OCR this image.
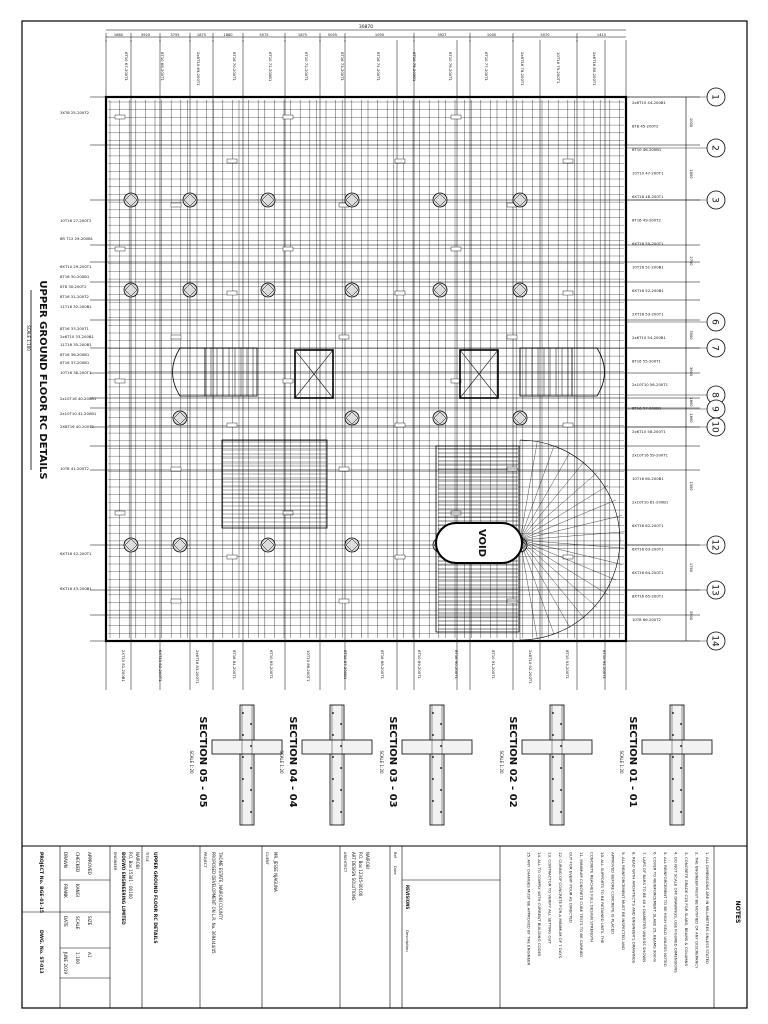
VOID
30870
1880	3920	3755	1875	1880	5075	1875	5055	1050	3927	1040	5070	1415
6T10 67-200T1	8T10 68-200T1	2x8T10 69-200T1	8T16 70-200T1	6T10 71-200B1	6T10 72-200T1	8T16 73-200T1	8T16 74-200T1	6T10 75-200B1	8T10 76-200T1	6T10 77-200T1	2x8T16 78-200T1	10T16 79-200T1	2x6T16 80-200T1
2XT10 81-200B1	6XT10 82-200T1	2x6T16 83-200T1	8T16 84-200T1	6T10 85-200T1	10T10 86-200T1	8T10 87-200B1	8T16 88-200T1	6T10 89-200T1	8T16 90-200T1	8T10 91-200T1	2x8T10 92-200T1	8T10 93-200T1	6T10 94-200T1
3XT8 25-200T2
10T16 27-200T2
6R T12 29-200B1
6XT10 29-200T1
8T16 30-200B1
8T8 30-200T2
8T16 31-200T2
11T16 32-200B1
8T16 33-200T1
2x6T10 33-200B1
11T16 35-200B1
8T16 36-200B1
6T16 37-200B1
10T16 38-200T1
2x10T16 40-200B1
2x10T10 41-200B1
2X8T16 40-200T2
10T8 41-200T2
6XT16 42-200T1
6XT16 43-200B1
2x6T10 44-200B1
8T8 45-200T2
6T10 46-200B1
10T10 47-200T1
6XT16 48-200T1
8T16 49-200T2
6XT16 50-200T1
10T16 51-200B1
6XT16 52-200B1
2XT16 53-200T1
2x6T10 54-200B1
8T16 55-200T1
2x10T10 56-200T1
8T16 57-200B1
2x6T10 58-200T1
2x10T16 59-200T1
10T16 60-200B1
2x10T10 61-200B1
6XT16 62-200T1
6XT16 63-200T1
6XT16 64-200T1
8XT16 65-200T1
10T8 66-200T2
1
2
3
6
7
8
9
10
12
13
14
1000
1800
2700
3500
3600
1800
1800
1300
1760
3500
UPPER GROUND FLOOR RC DETAILS
SCALE 1:100
SECTION 05 - 05
SCALE 1:20	SECTION 04 - 04
SCALE 1:20	SECTION 03 - 03
SCALE 1:20	SECTION 02 - 02
SCALE 1:20	SECTION 01 - 01
SCALE 1:20
PROJECT No. BGE-01-15
DWG. No. ST-013
DRAWN
FRANK
DATE
JUNE 2019
CHECKED
KANGI
SCALE
1:100
APPROVED
SIZE
A1
ENGINEER BOGWO ENGINEERING LIMITED P.O. Box 15381 - 00100 NAIROBI TITLE UPPER GROUND FLOOR RC DETAILS	PROJECT PROPOSED DEVELOPMENT ON L.R. No. 3694/44/45 THOME ESTATE, NAIROBI COUNTY	CLIENT MR. JESSE NJAGUNA	ARCHITECT ART DESIGN SOLUTIONS P.O. Box 12345-00100 NAIROBI	Ref
Date
REVISIONS
Description
NOTES
1. ALL DIMENSIONS ARE IN MILLIMETRES UNLESS STATED
2. THE ENGINEER MUST BE NOTIFIED OF ANY DISCREPANCY
3. CONCRETE GRADE C25 FOR SLABS, BEAMS & COLUMNS
4. DO NOT SCALE OFF DRAWINGS, USE FIGURED DIMENSIONS
5. ALL REINFORCEMENT TO BE HIGH YIELD UNLESS NOTED
6. COVER TO REINFORCEMENT: SLABS 25, BEAMS 30mm
7. LAPS OF BARS TO BE 40 x DIAMETER UNLESS SHOWN
8. READ WITH ARCHITECT'S AND ENGINEER'S DRAWINGS
9. ALL REINFORCEMENT MUST BE INSPECTED AND
APPROVED BEFORE CONCRETE IS PLACED
10. ALL SUPPORTS TO BE RETAINED UNTIL THE
CONCRETE REACHES FULL DESIGN STRENGTH
11. MINIMUM CONCRETE CUBE TESTS TO BE CARRIED
OUT FOR EVERY POUR AS DIRECTED
12. CURING OF CONCRETE FOR A MINIMUM OF 7 DAYS
13. CONTRACTOR TO VERIFY ALL SETTING OUT
14. ALL TO COMPLY WITH CURRENT BUILDING CODES
15. ANY CHANGES MUST BE APPROVED BY THE ENGINEER
